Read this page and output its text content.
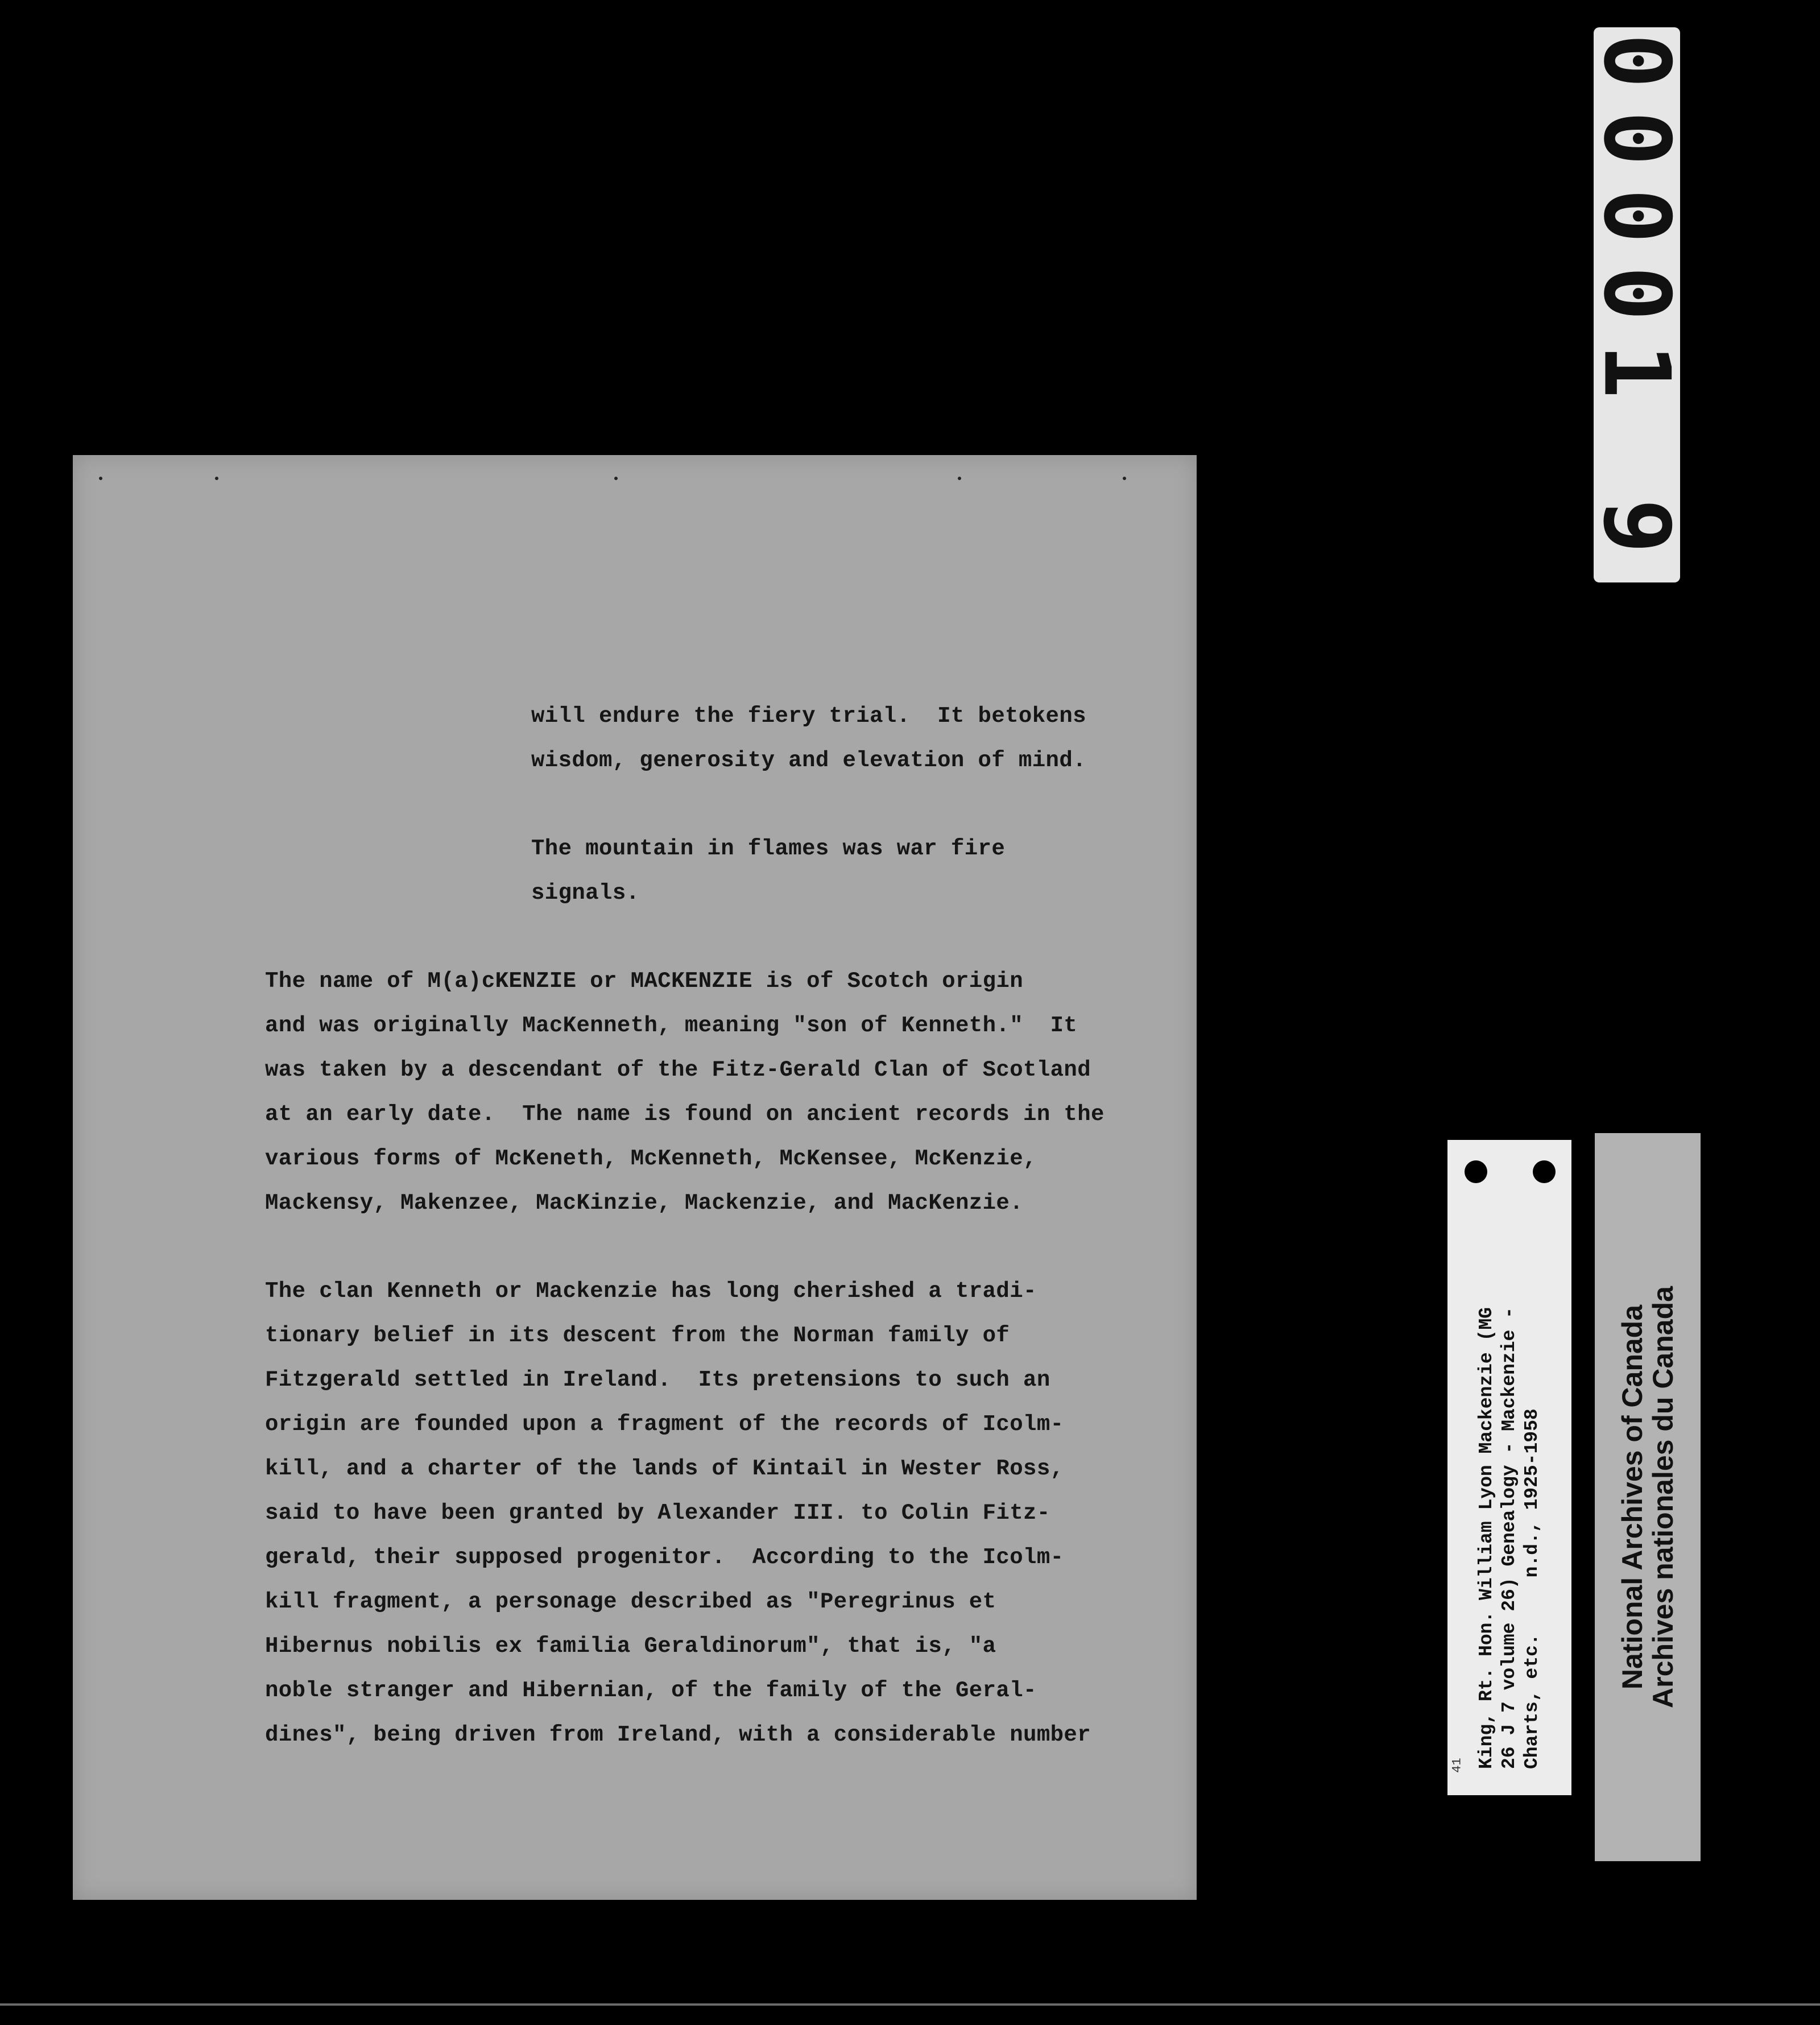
will endure the fiery trial.  It betokens

wisdom, generosity and elevation of mind.

The mountain in flames was war fire

signals.

The name of M(a)cKENZIE or MACKENZIE is of Scotch origin

and was originally MacKenneth, meaning "son of Kenneth."  It

was taken by a descendant of the Fitz-Gerald Clan of Scotland

at an early date.  The name is found on ancient records in the

various forms of McKeneth, McKenneth, McKensee, McKenzie,

Mackensy, Makenzee, MacKinzie, Mackenzie, and MacKenzie.

The clan Kenneth or Mackenzie has long cherished a tradi-

tionary belief in its descent from the Norman family of

Fitzgerald settled in Ireland.  Its pretensions to such an

origin are founded upon a fragment of the records of Icolm-

kill, and a charter of the lands of Kintail in Wester Ross,

said to have been granted by Alexander III. to Colin Fitz-

gerald, their supposed progenitor.  According to the Icolm-

kill fragment, a personage described as "Peregrinus et

Hibernus nobilis ex familia Geraldinorum", that is, "a

noble stranger and Hibernian, of the family of the Geral-

dines", being driven from Ireland, with a considerable number

00001 9
King, Rt. Hon. William Lyon Mackenzie (MG 26 J 7 volume 26) Genealogy - Mackenzie - Charts, etc.     n.d., 1925-1958
41
National Archives of Canada
Archives nationales du Canada
